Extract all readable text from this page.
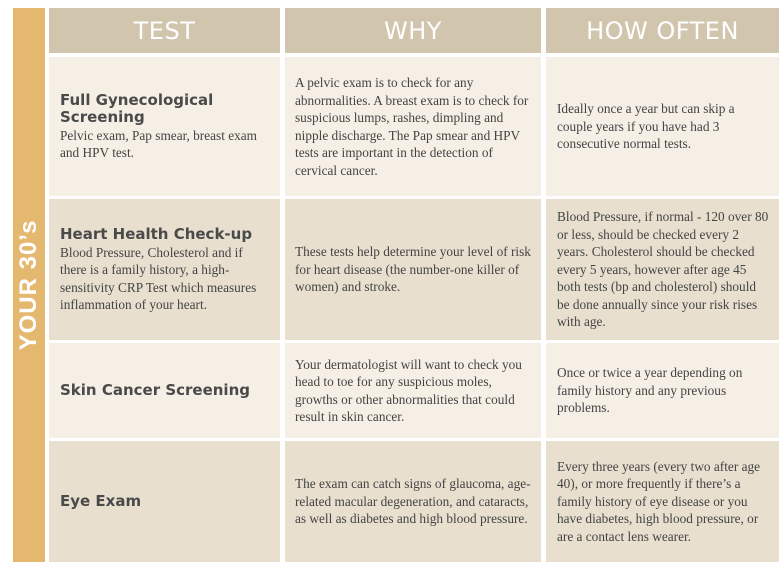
YOUR 30’s
TEST	WHY	HOW OFTEN
Full Gynecological Screening
Pelvic exam, Pap smear, breast exam and HPV test.
A pelvic exam is to check for any abnormalities. A breast exam is to check for suspicious lumps, rashes, dimpling and nipple discharge. The Pap smear and HPV tests are important in the detection of cervical cancer.
Ideally once a year but can skip a couple years if you have had 3 consecutive normal tests.
Heart Health Check-up
Blood Pressure, Cholesterol and if there is a family history, a high-sensitivity CRP Test which measures inflammation of your heart.
These tests help determine your level of risk for heart disease (the number-one killer of women) and stroke.
Blood Pressure, if normal - 120 over 80 or less, should be checked every 2 years. Cholesterol should be checked every 5 years, however after age 45 both tests (bp and cholesterol) should be done annually since your risk rises with age.
Skin Cancer Screening
Your dermatologist will want to check you head to toe for any suspicious moles, growths or other abnormalities that could result in skin cancer.
Once or twice a year depending on family history and any previous problems.
Eye Exam
The exam can catch signs of glaucoma, age-related macular degeneration, and cataracts, as well as diabetes and high blood pressure.
Every three years (every two after age 40), or more frequently if there’s a family history of eye disease or you have diabetes, high blood pressure, or are a contact lens wearer.
